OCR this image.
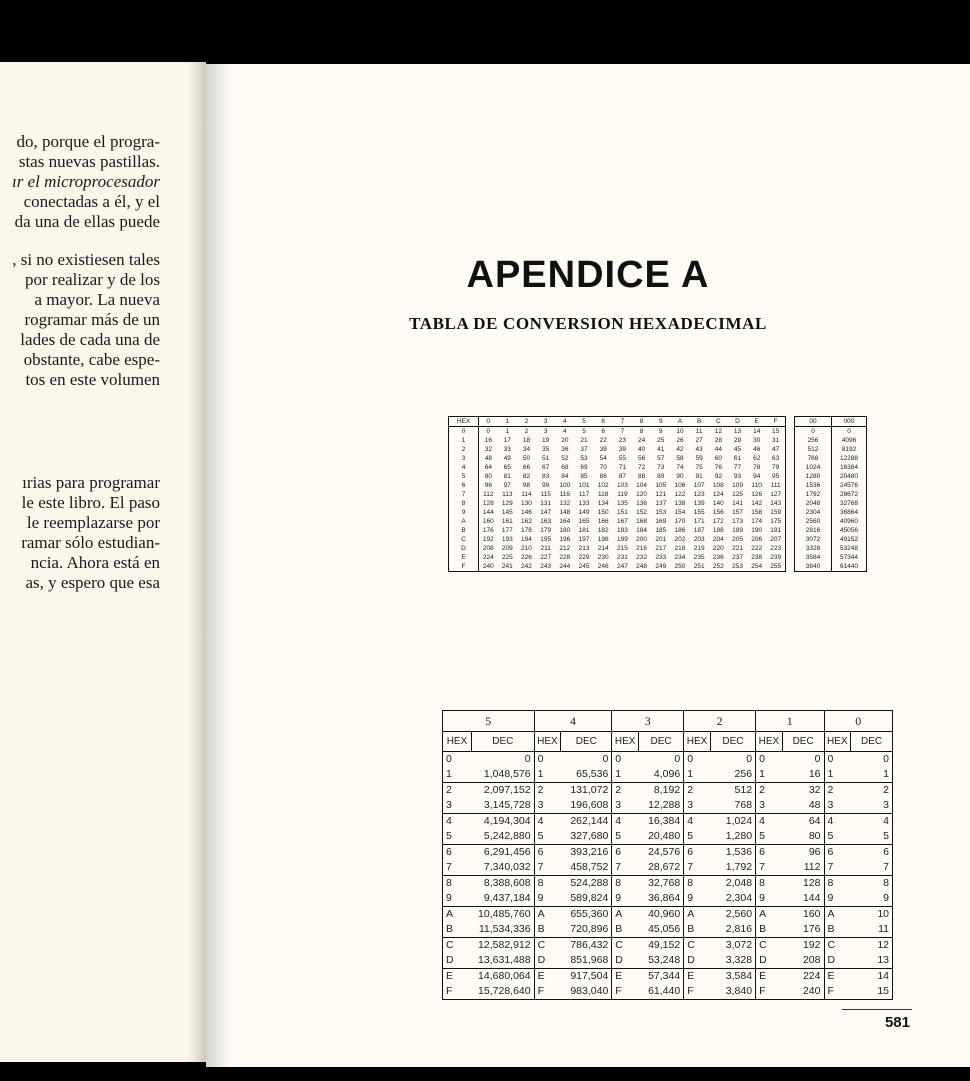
do, porque el progra-
stas nuevas pastillas.
ır el microprocesador
conectadas a él, y el
da una de ellas puede
, si no existiesen tales
por realizar y de los
a mayor. La nueva
rogramar más de un
lades de cada una de
obstante, cabe espe-
tos en este volumen
ırias para programar
le este libro. El paso
le reemplazarse por
ramar sólo estudian-
ncia. Ahora está en
as, y espero que esa
APENDICE A
TABLA DE CONVERSION HEXADECIMAL
HEX	0	1	2	3	4	5	6	7	8	9	A	B	C	D	E	F		00	000
0	0	1	2	3	4	5	6	7	8	9	10	11	12	13	14	15		0	0
1	16	17	18	19	20	21	22	23	24	25	26	27	28	29	30	31		256	4096
2	32	33	34	35	36	37	38	39	40	41	42	43	44	45	46	47		512	8192
3	48	49	50	51	52	53	54	55	56	57	58	59	60	61	62	63		768	12288
4	64	65	66	67	68	69	70	71	72	73	74	75	76	77	78	79		1024	16384
5	80	81	82	83	84	85	86	87	88	89	90	91	92	93	94	95		1280	20480
6	96	97	98	99	100	101	102	103	104	105	106	107	108	109	110	111		1536	24576
7	112	113	114	115	116	117	118	119	120	121	122	123	124	125	126	127		1792	28672
8	128	129	130	131	132	133	134	135	136	137	138	139	140	141	142	143		2048	32768
9	144	145	146	147	148	149	150	151	152	153	154	155	156	157	158	159		2304	36864
A	160	161	162	163	164	165	166	167	168	169	170	171	172	173	174	175		2560	40960
B	176	177	178	179	180	181	182	183	184	185	186	187	188	189	190	191		2816	45056
C	192	193	194	195	196	197	198	199	200	201	202	203	204	205	206	207		3072	49152
D	208	209	210	211	212	213	214	215	216	217	218	219	220	221	222	223		3328	53248
E	224	225	226	227	228	229	230	231	232	233	234	235	236	237	238	239		3584	57344
F	240	241	242	243	244	245	246	247	248	249	250	251	252	253	254	255		3840	61440
5		4		3		2		1		0	
HEX	DEC	HEX	DEC	HEX	DEC	HEX	DEC	HEX	DEC	HEX	DEC
0	0	0	0	0	0	0	0	0	0	0	0
1	1,048,576	1	65,536	1	4,096	1	256	1	16	1	1
2	2,097,152	2	131,072	2	8,192	2	512	2	32	2	2
3	3,145,728	3	196,608	3	12,288	3	768	3	48	3	3
4	4,194,304	4	262,144	4	16,384	4	1,024	4	64	4	4
5	5,242,880	5	327,680	5	20,480	5	1,280	5	80	5	5
6	6,291,456	6	393,216	6	24,576	6	1,536	6	96	6	6
7	7,340,032	7	458,752	7	28,672	7	1,792	7	112	7	7
8	8,388,608	8	524,288	8	32,768	8	2,048	8	128	8	8
9	9,437,184	9	589,824	9	36,864	9	2,304	9	144	9	9
A	10,485,760	A	655,360	A	40,960	A	2,560	A	160	A	10
B	11,534,336	B	720,896	B	45,056	B	2,816	B	176	B	11
C	12,582,912	C	786,432	C	49,152	C	3,072	C	192	C	12
D	13,631,488	D	851,968	D	53,248	D	3,328	D	208	D	13
E	14,680,064	E	917,504	E	57,344	E	3,584	E	224	E	14
F	15,728,640	F	983,040	F	61,440	F	3,840	F	240	F	15
581
